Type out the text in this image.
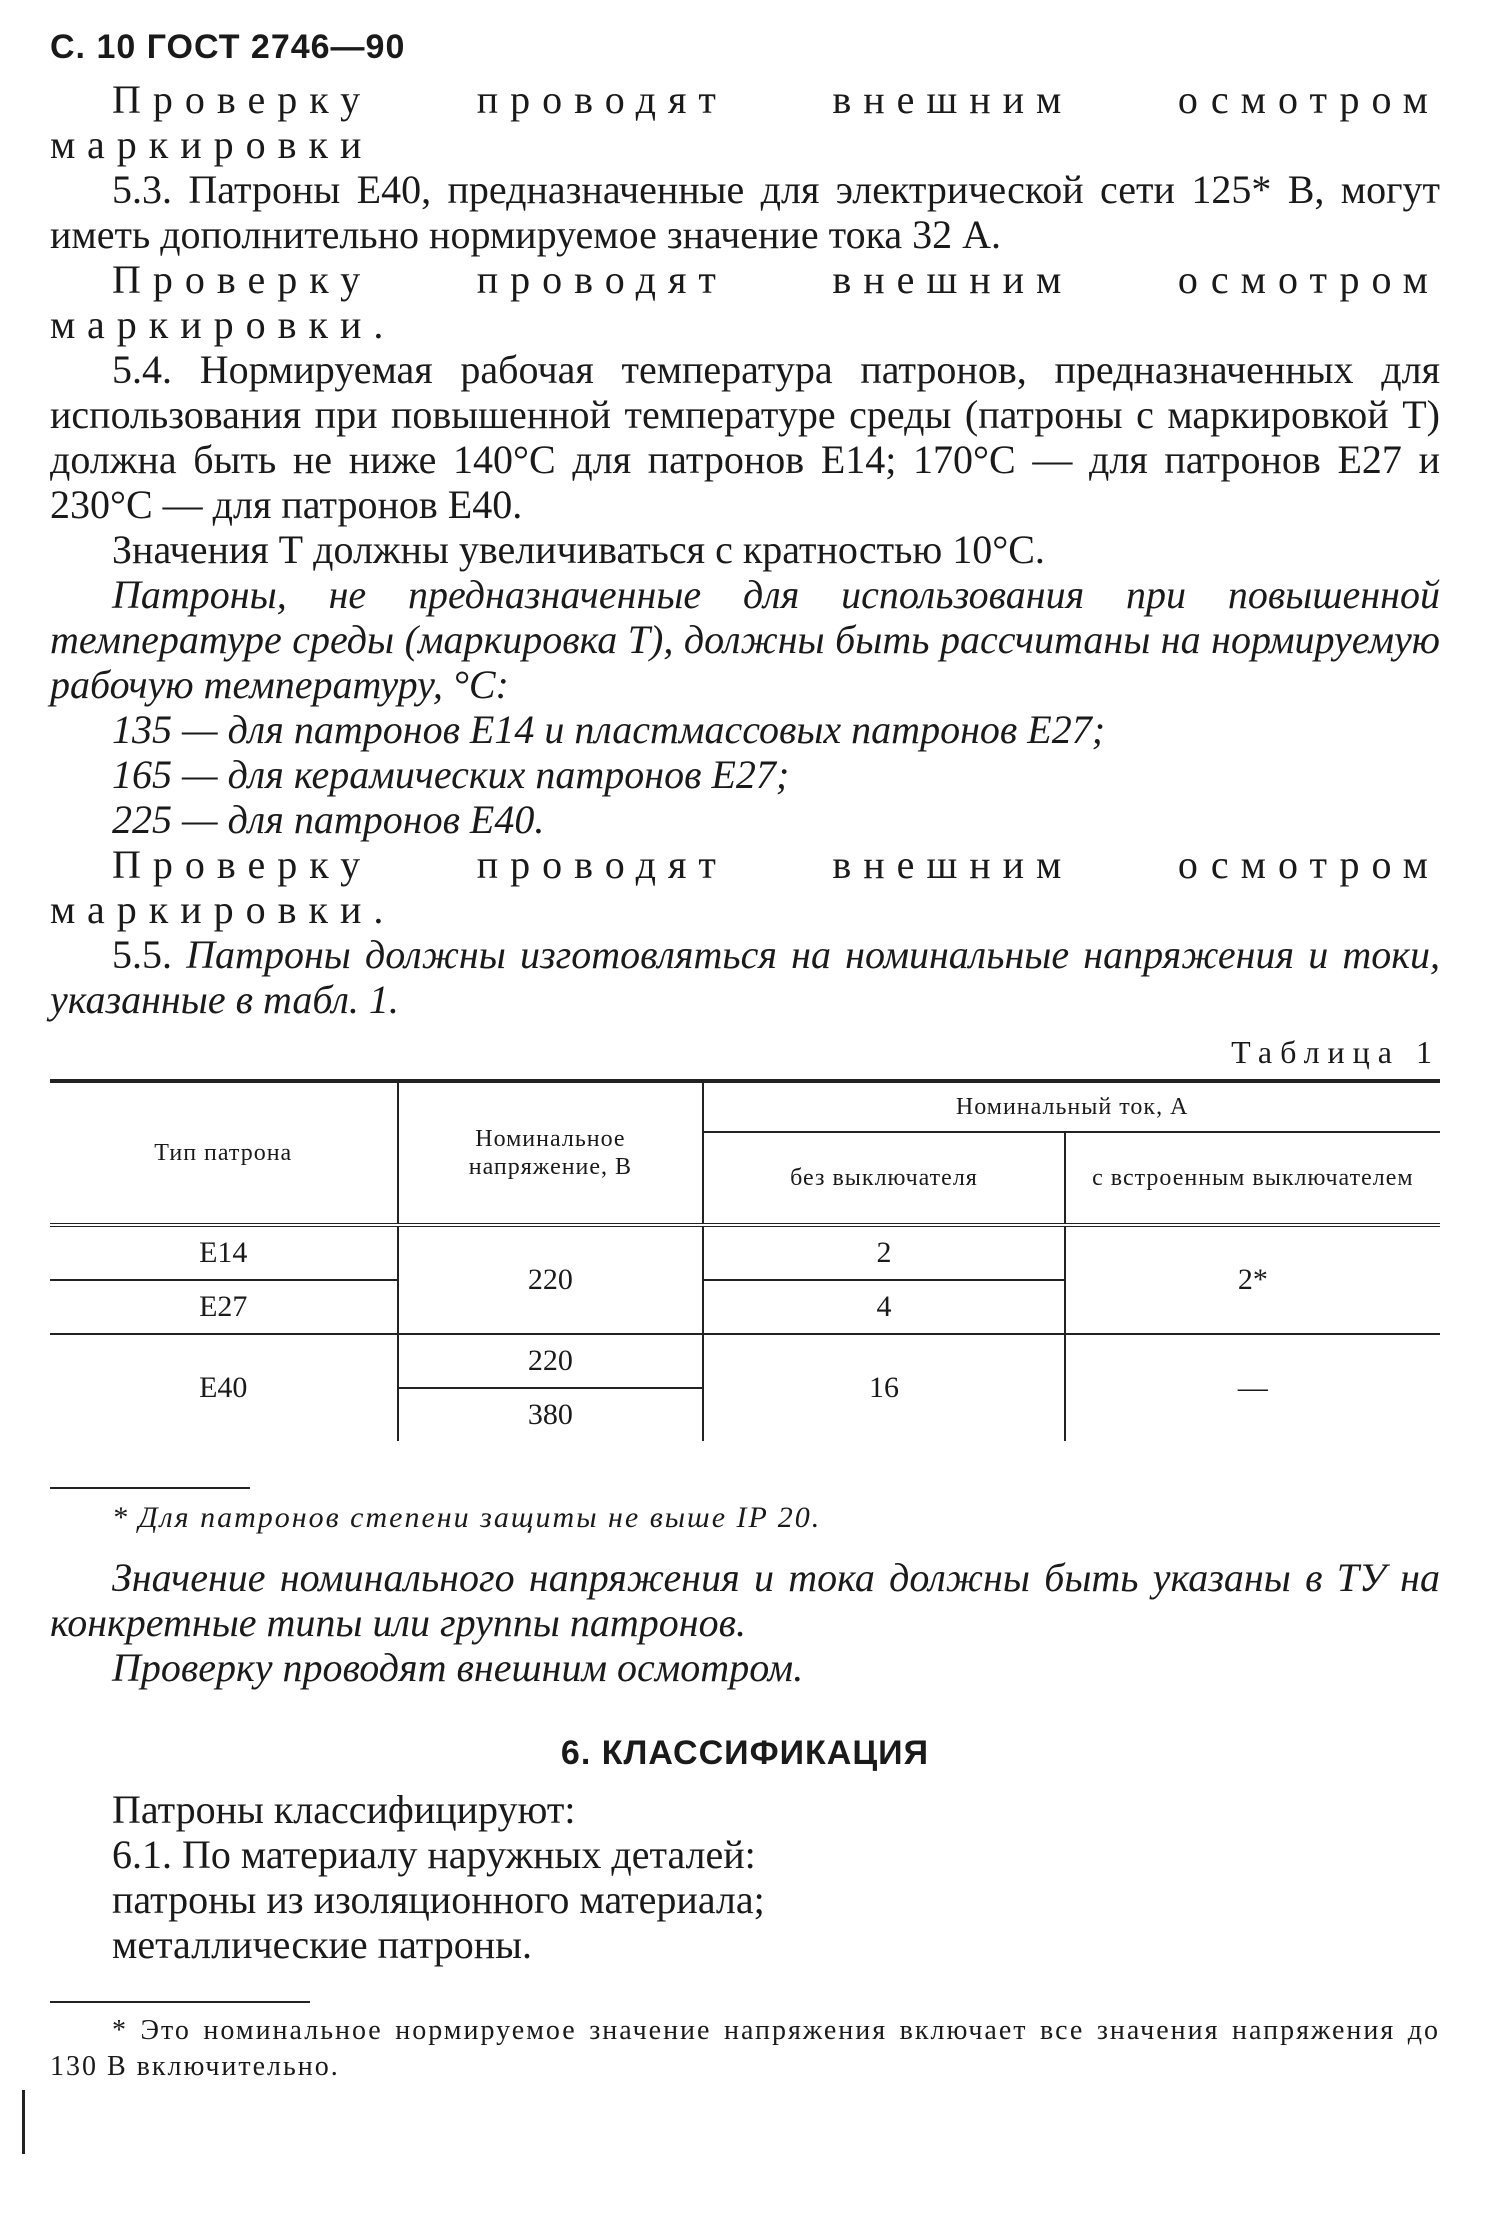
С. 10 ГОСТ 2746—90

Проверку проводят внешним осмотром маркировки

5.3. Патроны Е40, предназначенные для электрической сети 125* В, могут иметь дополнительно нормируемое значение тока 32 А.

Проверку проводят внешним осмотром маркировки.

5.4. Нормируемая рабочая температура патронов, предназначенных для использования при повышенной температуре среды (патроны с маркировкой Т) должна быть не ниже 140°С для патронов Е14; 170°С — для патронов Е27 и 230°С — для патронов Е40.

Значения Т должны увеличиваться с кратностью 10°С.

Патроны, не предназначенные для использования при повышенной температуре среды (маркировка Т), должны быть рассчитаны на нормируемую рабочую температуру, °С:

135 — для патронов Е14 и пластмассовых патронов Е27;

165 — для керамических патронов Е27;

225 — для патронов Е40.

Проверку проводят внешним осмотром маркировки.

5.5. Патроны должны изготовляться на номинальные напряжения и токи, указанные в табл. 1.

Таблица 1
Тип патрона	Номинальное напряжение, В	Номинальный ток, А	
		без выключателя	с встроенным выключателем
Е14	220	2	2*
Е27		4	
Е40	220	16	—
	380		

* Для патронов степени защиты не выше IP 20.

Значение номинального напряжения и тока должны быть указаны в ТУ на конкретные типы или группы патронов.

Проверку проводят внешним осмотром.

6. КЛАССИФИКАЦИЯ

Патроны классифицируют:

6.1. По материалу наружных деталей:

патроны из изоляционного материала;

металлические патроны.

* Это номинальное нормируемое значение напряжения включает все значения напряжения до 130 В включительно.
